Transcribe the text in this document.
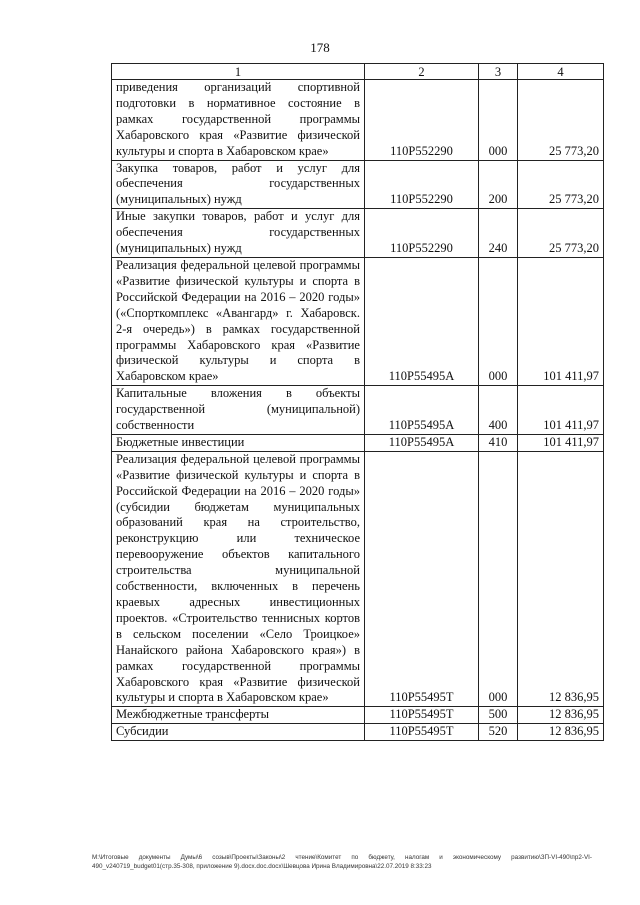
178
1	2	3	4
приведения организаций спортивной подготовки в нормативное состояние в рамках государственной программы Хабаровского края «Развитие физической культуры и спорта в Хабаровском крае»	110P552290	000	25 773,20
Закупка товаров, работ и услуг для обеспечения государственных (муниципальных) нужд	110P552290	200	25 773,20
Иные закупки товаров, работ и услуг для обеспечения государственных (муниципальных) нужд	110P552290	240	25 773,20
Реализация федеральной целевой программы «Развитие физической культуры и спорта в Российской Федерации на 2016 – 2020 годы» («Спорткомплекс «Авангард» г. Хабаровск. 2-я очередь») в рамках государственной программы Хабаровского края «Развитие физической культуры и спорта в Хабаровском крае»	110P55495A	000	101 411,97
Капитальные вложения в объекты государственной (муниципальной) собственности	110P55495A	400	101 411,97
Бюджетные инвестиции	110P55495A	410	101 411,97
Реализация федеральной целевой программы «Развитие физической культуры и спорта в Российской Федерации на 2016 – 2020 годы» (субсидии бюджетам муниципальных образований края на строительство, реконструкцию или техническое перевооружение объектов капитального строительства муниципальной собственности, включенных в перечень краевых адресных инвестиционных проектов. «Строительство теннисных кортов в сельском поселении «Село Троицкое» Нанайского района Хабаровского края») в рамках государственной программы Хабаровского края «Развитие физической культуры и спорта в Хабаровском крае»	110P55495T	000	12 836,95
Межбюджетные трансферты	110P55495T	500	12 836,95
Субсидии	110P55495T	520	12 836,95
М:\Итоговые документы Думы\6 созыв\Проекты\Законы\2 чтение\Комитет по бюджету, налогам и экономическому развитию\ЗП-VI-490\пр2-VI-490_v240719_budget01(стр.35-308, приложение 9).docx.doc.docx\Шевцова Ирина Владимировна\22.07.2019 8:33:23
